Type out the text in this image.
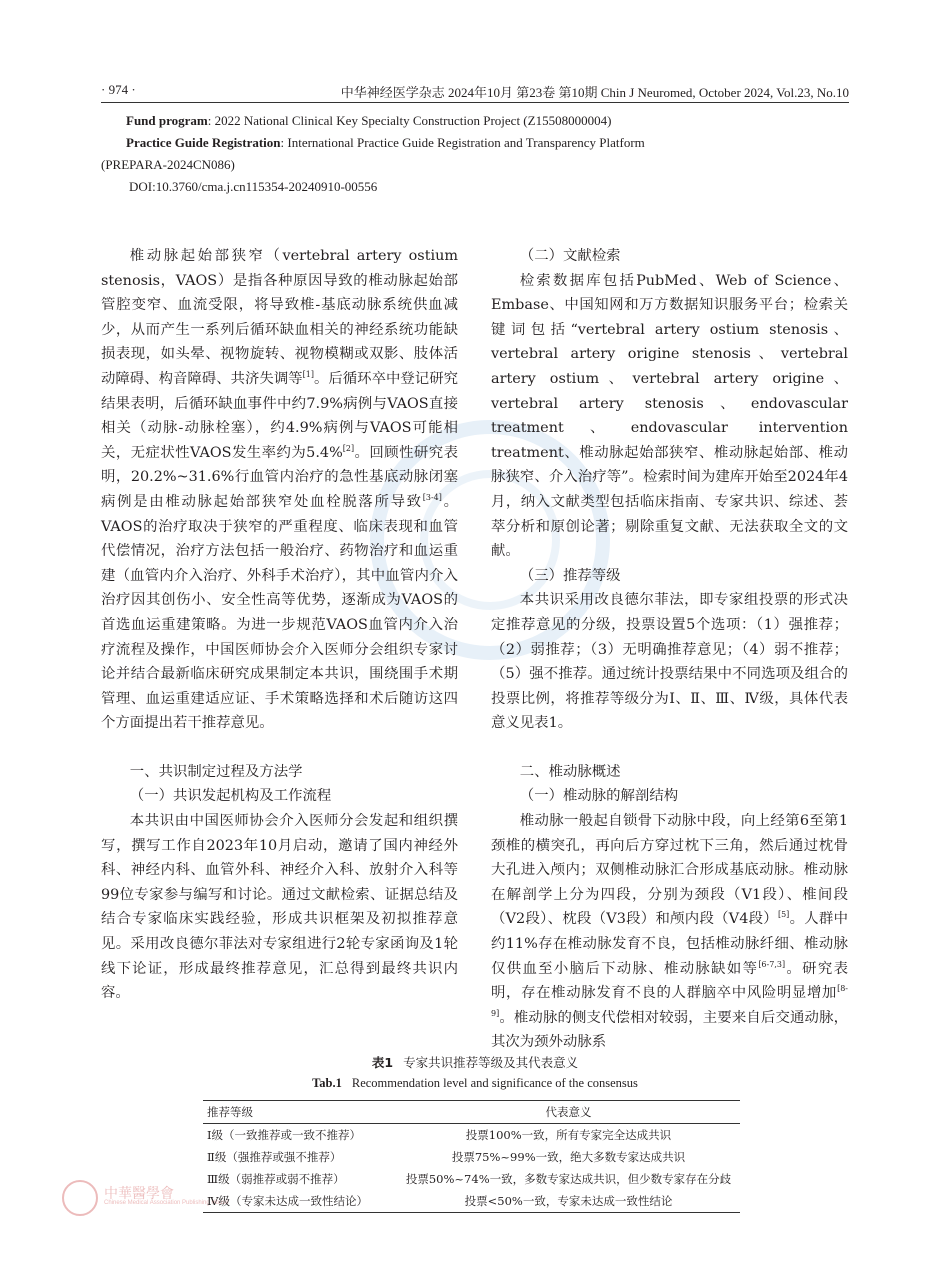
中華醫學會
Chinese Medical Association Publishing House
· 974 ·	中华神经医学杂志 2024年10月 第23卷 第10期 Chin J Neuromed, October 2024, Vol.23, No.10
Fund program: 2022 National Clinical Key Specialty Construction Project (Z15508000004)
Practice Guide Registration: International Practice Guide Registration and Transparency Platform
(PREPARA-2024CN086)
DOI:10.3760/cma.j.cn115354-20240910-00556

椎动脉起始部狭窄（vertebral artery ostium stenosis，VAOS）是指各种原因导致的椎动脉起始部管腔变窄、血流受限，将导致椎-基底动脉系统供血减少，从而产生一系列后循环缺血相关的神经系统功能缺损表现，如头晕、视物旋转、视物模糊或双影、肢体活动障碍、构音障碍、共济失调等[1]。后循环卒中登记研究结果表明，后循环缺血事件中约7.9%病例与VAOS直接相关（动脉-动脉栓塞），约4.9%病例与VAOS可能相关，无症状性VAOS发生率约为5.4%[2]。回顾性研究表明，20.2%~31.6%行血管内治疗的急性基底动脉闭塞病例是由椎动脉起始部狭窄处血栓脱落所导致[3-4]。VAOS的治疗取决于狭窄的严重程度、临床表现和血管代偿情况，治疗方法包括一般治疗、药物治疗和血运重建（血管内介入治疗、外科手术治疗），其中血管内介入治疗因其创伤小、安全性高等优势，逐渐成为VAOS的首选血运重建策略。为进一步规范VAOS血管内介入治疗流程及操作，中国医师协会介入医师分会组织专家讨论并结合最新临床研究成果制定本共识，围绕围手术期管理、血运重建适应证、手术策略选择和术后随访这四个方面提出若干推荐意见。

一、共识制定过程及方法学

（一）共识发起机构及工作流程

本共识由中国医师协会介入医师分会发起和组织撰写，撰写工作自2023年10月启动，邀请了国内神经外科、神经内科、血管外科、神经介入科、放射介入科等99位专家参与编写和讨论。通过文献检索、证据总结及结合专家临床实践经验，形成共识框架及初拟推荐意见。采用改良德尔菲法对专家组进行2轮专家函询及1轮线下论证，形成最终推荐意见，汇总得到最终共识内容。

（二）文献检索

检索数据库包括PubMed、Web of Science、Embase、中国知网和万方数据知识服务平台；检索关键词包括“vertebral artery ostium stenosis、vertebral artery origine stenosis、vertebral artery ostium、vertebral artery origine、vertebral artery stenosis、endovascular treatment、endovascular intervention treatment、椎动脉起始部狭窄、椎动脉起始部、椎动脉狭窄、介入治疗等”。检索时间为建库开始至2024年4月，纳入文献类型包括临床指南、专家共识、综述、荟萃分析和原创论著；剔除重复文献、无法获取全文的文献。

（三）推荐等级

本共识采用改良德尔菲法，即专家组投票的形式决定推荐意见的分级，投票设置5个选项：（1）强推荐；（2）弱推荐；（3）无明确推荐意见；（4）弱不推荐；（5）强不推荐。通过统计投票结果中不同选项及组合的投票比例，将推荐等级分为Ⅰ、Ⅱ、Ⅲ、Ⅳ级，具体代表意义见表1。

二、椎动脉概述

（一）椎动脉的解剖结构

椎动脉一般起自锁骨下动脉中段，向上经第6至第1颈椎的横突孔，再向后方穿过枕下三角，然后通过枕骨大孔进入颅内；双侧椎动脉汇合形成基底动脉。椎动脉在解剖学上分为四段，分别为颈段（V1段）、椎间段（V2段）、枕段（V3段）和颅内段（V4段）[5]。人群中约11%存在椎动脉发育不良，包括椎动脉纤细、椎动脉仅供血至小脑后下动脉、椎动脉缺如等[6-7,3]。研究表明，存在椎动脉发育不良的人群脑卒中风险明显增加[8-9]。椎动脉的侧支代偿相对较弱，主要来自后交通动脉，其次为颈外动脉系

表1 专家共识推荐等级及其代表意义
Tab.1 Recommendation level and significance of the consensus
推荐等级	代表意义
Ⅰ级（一致推荐或一致不推荐）	投票100%一致，所有专家完全达成共识
Ⅱ级（强推荐或强不推荐）	投票75%~99%一致，绝大多数专家达成共识
Ⅲ级（弱推荐或弱不推荐）	投票50%~74%一致，多数专家达成共识，但少数专家存在分歧
Ⅳ级（专家未达成一致性结论）	投票<50%一致，专家未达成一致性结论
